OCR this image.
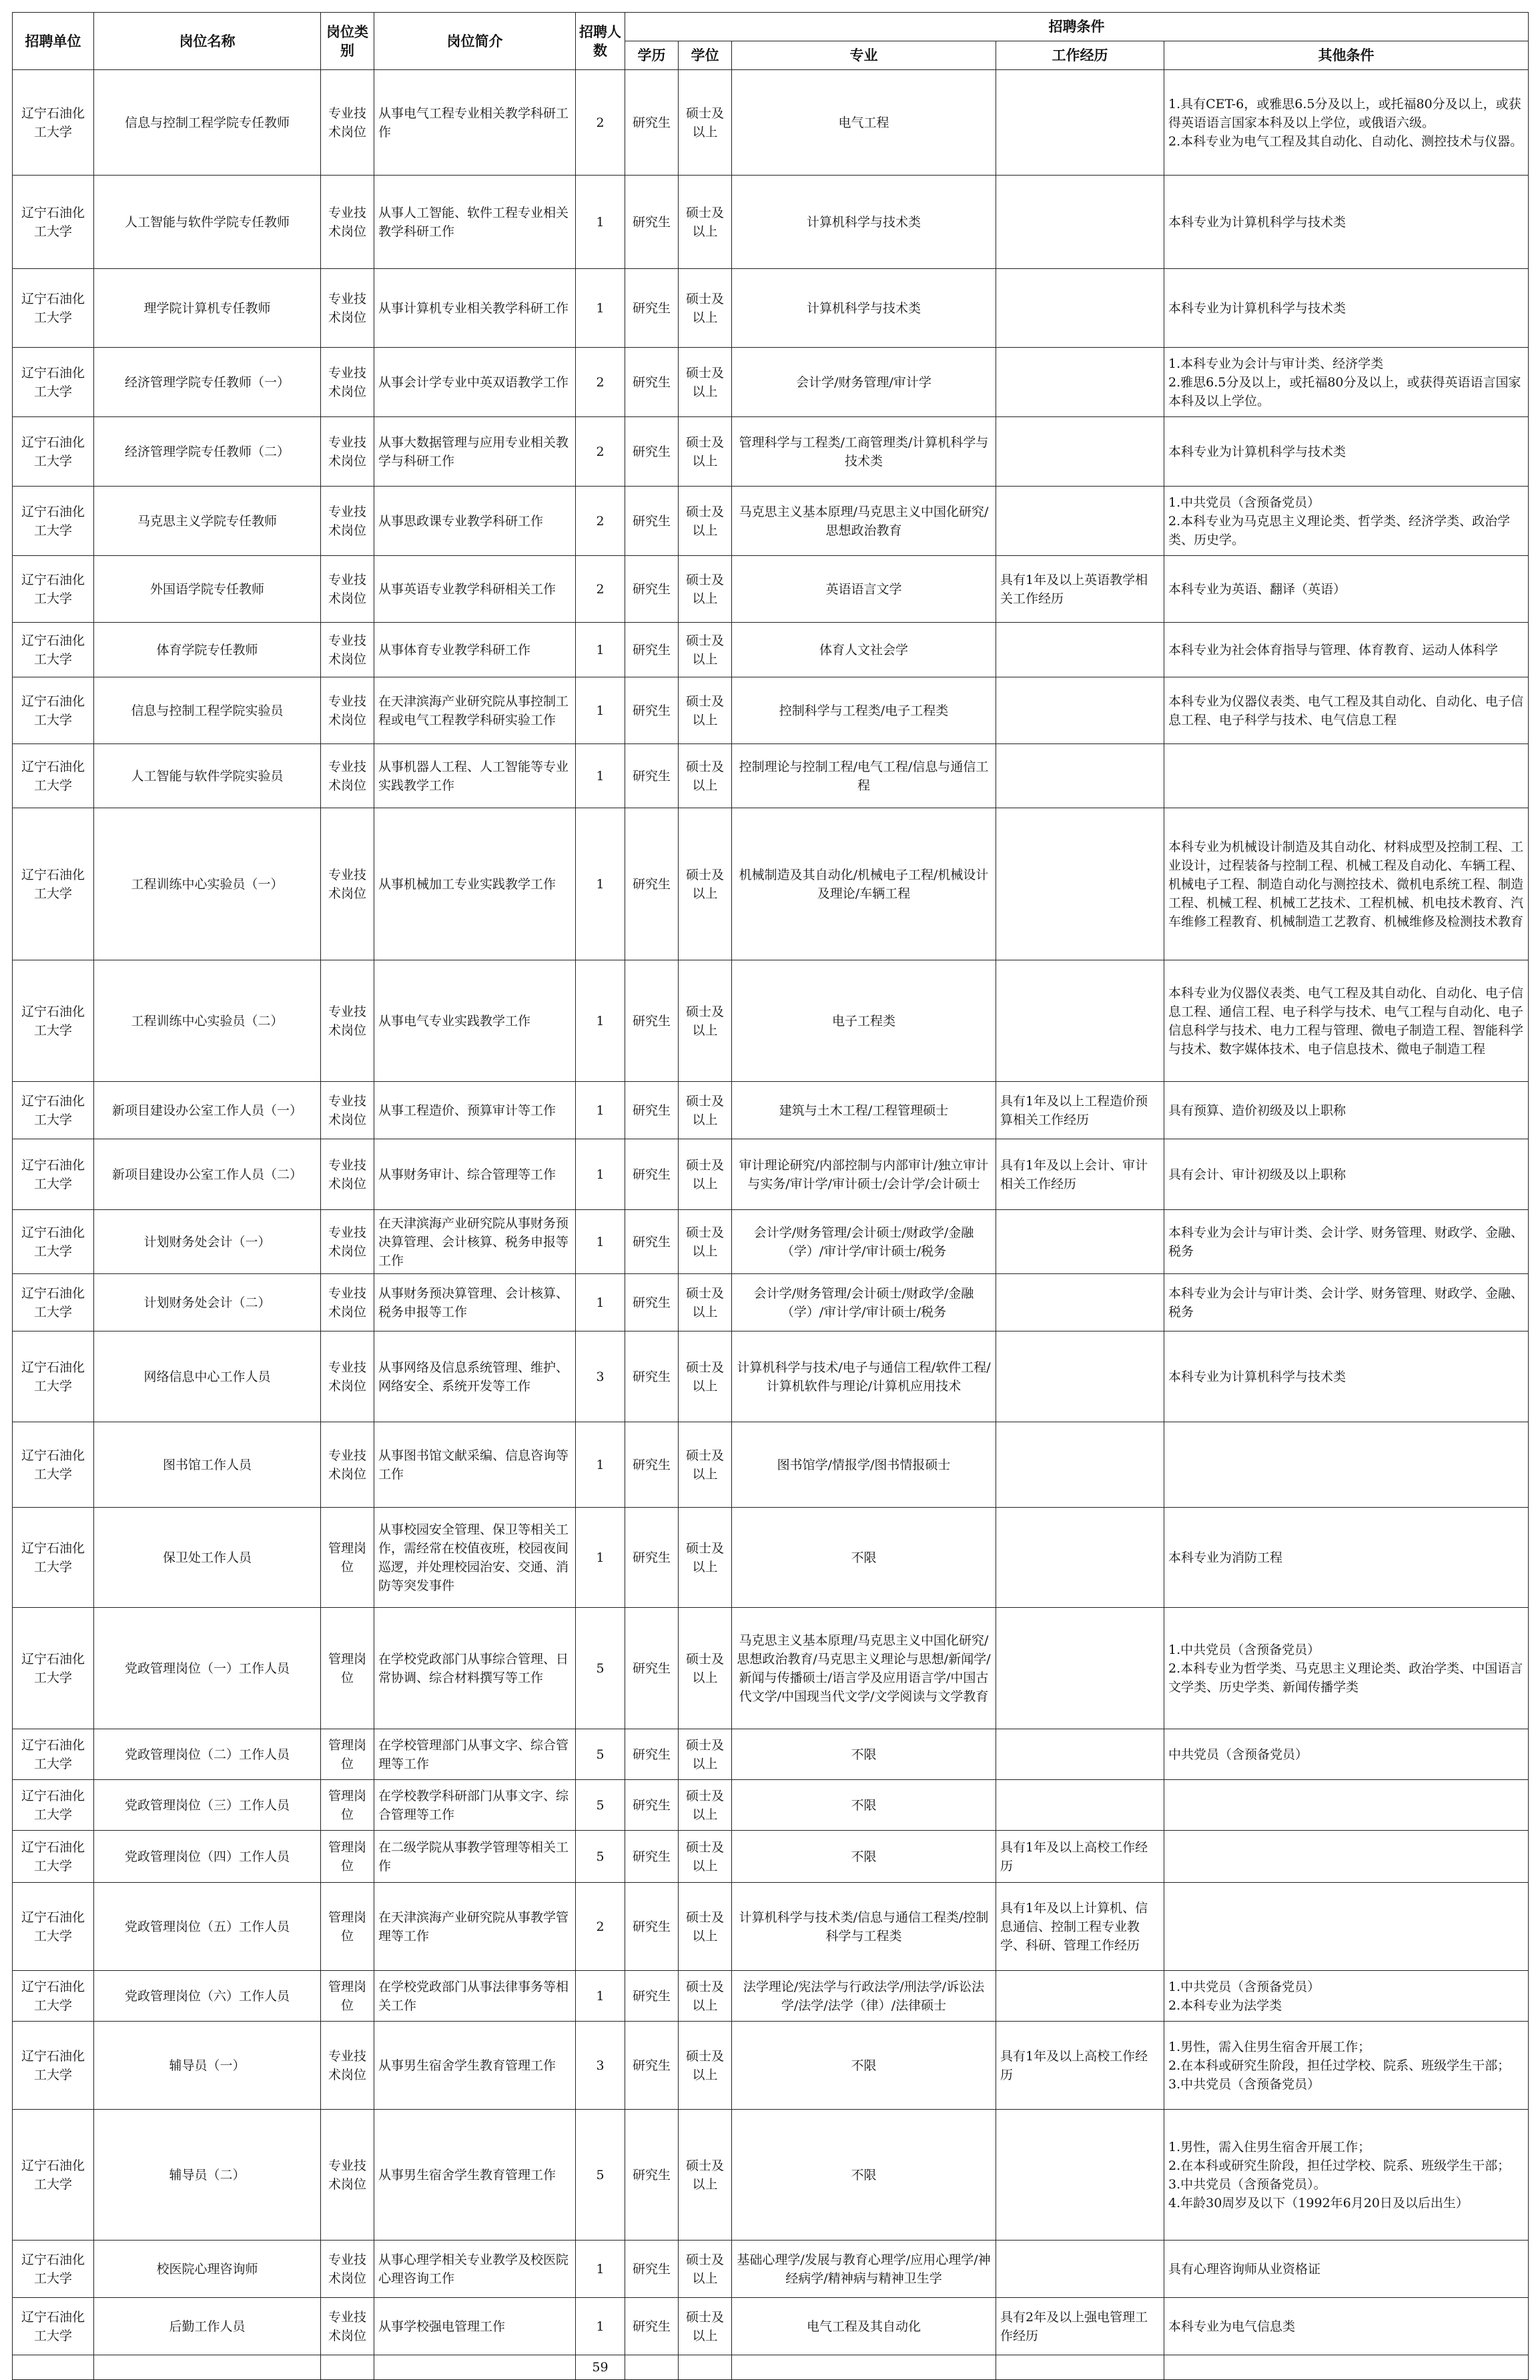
招聘单位	岗位名称	岗位类别	岗位简介	招聘人数	招聘条件				
					学历	学位	专业	工作经历	其他条件
辽宁石油化工大学	信息与控制工程学院专任教师	专业技术岗位	从事电气工程专业相关教学科研工作	2	研究生	硕士及以上	电气工程		1.具有CET-6，或雅思6.5分及以上，或托福80分及以上，或获得英语语言国家本科及以上学位，或俄语六级。
2.本科专业为电气工程及其自动化、自动化、测控技术与仪器。
辽宁石油化工大学	人工智能与软件学院专任教师	专业技术岗位	从事人工智能、软件工程专业相关教学科研工作	1	研究生	硕士及以上	计算机科学与技术类		本科专业为计算机科学与技术类
辽宁石油化工大学	理学院计算机专任教师	专业技术岗位	从事计算机专业相关教学科研工作	1	研究生	硕士及以上	计算机科学与技术类		本科专业为计算机科学与技术类
辽宁石油化工大学	经济管理学院专任教师（一）	专业技术岗位	从事会计学专业中英双语教学工作	2	研究生	硕士及以上	会计学/财务管理/审计学		1.本科专业为会计与审计类、经济学类
2.雅思6.5分及以上，或托福80分及以上，或获得英语语言国家本科及以上学位。
辽宁石油化工大学	经济管理学院专任教师（二）	专业技术岗位	从事大数据管理与应用专业相关教学与科研工作	2	研究生	硕士及以上	管理科学与工程类/工商管理类/计算机科学与技术类		本科专业为计算机科学与技术类
辽宁石油化工大学	马克思主义学院专任教师	专业技术岗位	从事思政课专业教学科研工作	2	研究生	硕士及以上	马克思主义基本原理/马克思主义中国化研究/思想政治教育		1.中共党员（含预备党员）
2.本科专业为马克思主义理论类、哲学类、经济学类、政治学类、历史学。
辽宁石油化工大学	外国语学院专任教师	专业技术岗位	从事英语专业教学科研相关工作	2	研究生	硕士及以上	英语语言文学	具有1年及以上英语教学相关工作经历	本科专业为英语、翻译（英语）
辽宁石油化工大学	体育学院专任教师	专业技术岗位	从事体育专业教学科研工作	1	研究生	硕士及以上	体育人文社会学		本科专业为社会体育指导与管理、体育教育、运动人体科学
辽宁石油化工大学	信息与控制工程学院实验员	专业技术岗位	在天津滨海产业研究院从事控制工程或电气工程教学科研实验工作	1	研究生	硕士及以上	控制科学与工程类/电子工程类		本科专业为仪器仪表类、电气工程及其自动化、自动化、电子信息工程、电子科学与技术、电气信息工程
辽宁石油化工大学	人工智能与软件学院实验员	专业技术岗位	从事机器人工程、人工智能等专业实践教学工作	1	研究生	硕士及以上	控制理论与控制工程/电气工程/信息与通信工程		
辽宁石油化工大学	工程训练中心实验员（一）	专业技术岗位	从事机械加工专业实践教学工作	1	研究生	硕士及以上	机械制造及其自动化/机械电子工程/机械设计及理论/车辆工程		本科专业为机械设计制造及其自动化、材料成型及控制工程、工业设计，过程装备与控制工程、机械工程及自动化、车辆工程、机械电子工程、制造自动化与测控技术、微机电系统工程、制造工程、机械工程、机械工艺技术、工程机械、机电技术教育、汽车维修工程教育、机械制造工艺教育、机械维修及检测技术教育
辽宁石油化工大学	工程训练中心实验员（二）	专业技术岗位	从事电气专业实践教学工作	1	研究生	硕士及以上	电子工程类		本科专业为仪器仪表类、电气工程及其自动化、自动化、电子信息工程、通信工程、电子科学与技术、电气工程与自动化、电子信息科学与技术、电力工程与管理、微电子制造工程、智能科学与技术、数字媒体技术、电子信息技术、微电子制造工程
辽宁石油化工大学	新项目建设办公室工作人员（一）	专业技术岗位	从事工程造价、预算审计等工作	1	研究生	硕士及以上	建筑与土木工程/工程管理硕士	具有1年及以上工程造价预算相关工作经历	具有预算、造价初级及以上职称
辽宁石油化工大学	新项目建设办公室工作人员（二）	专业技术岗位	从事财务审计、综合管理等工作	1	研究生	硕士及以上	审计理论研究/内部控制与内部审计/独立审计与实务/审计学/审计硕士/会计学/会计硕士	具有1年及以上会计、审计相关工作经历	具有会计、审计初级及以上职称
辽宁石油化工大学	计划财务处会计（一）	专业技术岗位	在天津滨海产业研究院从事财务预决算管理、会计核算、税务申报等工作	1	研究生	硕士及以上	会计学/财务管理/会计硕士/财政学/金融（学）/审计学/审计硕士/税务		本科专业为会计与审计类、会计学、财务管理、财政学、金融、税务
辽宁石油化工大学	计划财务处会计（二）	专业技术岗位	从事财务预决算管理、会计核算、税务申报等工作	1	研究生	硕士及以上	会计学/财务管理/会计硕士/财政学/金融（学）/审计学/审计硕士/税务		本科专业为会计与审计类、会计学、财务管理、财政学、金融、税务
辽宁石油化工大学	网络信息中心工作人员	专业技术岗位	从事网络及信息系统管理、维护、网络安全、系统开发等工作	3	研究生	硕士及以上	计算机科学与技术/电子与通信工程/软件工程/计算机软件与理论/计算机应用技术		本科专业为计算机科学与技术类
辽宁石油化工大学	图书馆工作人员	专业技术岗位	从事图书馆文献采编、信息咨询等工作	1	研究生	硕士及以上	图书馆学/情报学/图书情报硕士		
辽宁石油化工大学	保卫处工作人员	管理岗位	从事校园安全管理、保卫等相关工作，需经常在校值夜班，校园夜间巡逻，并处理校园治安、交通、消防等突发事件	1	研究生	硕士及以上	不限		本科专业为消防工程
辽宁石油化工大学	党政管理岗位（一）工作人员	管理岗位	在学校党政部门从事综合管理、日常协调、综合材料撰写等工作	5	研究生	硕士及以上	马克思主义基本原理/马克思主义中国化研究/思想政治教育/马克思主义理论与思想/新闻学/新闻与传播硕士/语言学及应用语言学/中国古代文学/中国现当代文学/文学阅读与文学教育		1.中共党员（含预备党员）
2.本科专业为哲学类、马克思主义理论类、政治学类、中国语言文学类、历史学类、新闻传播学类
辽宁石油化工大学	党政管理岗位（二）工作人员	管理岗位	在学校管理部门从事文字、综合管理等工作	5	研究生	硕士及以上	不限		中共党员（含预备党员）
辽宁石油化工大学	党政管理岗位（三）工作人员	管理岗位	在学校教学科研部门从事文字、综合管理等工作	5	研究生	硕士及以上	不限		
辽宁石油化工大学	党政管理岗位（四）工作人员	管理岗位	在二级学院从事教学管理等相关工作	5	研究生	硕士及以上	不限	具有1年及以上高校工作经历	
辽宁石油化工大学	党政管理岗位（五）工作人员	管理岗位	在天津滨海产业研究院从事教学管理等工作	2	研究生	硕士及以上	计算机科学与技术类/信息与通信工程类/控制科学与工程类	具有1年及以上计算机、信息通信、控制工程专业教学、科研、管理工作经历	
辽宁石油化工大学	党政管理岗位（六）工作人员	管理岗位	在学校党政部门从事法律事务等相关工作	1	研究生	硕士及以上	法学理论/宪法学与行政法学/刑法学/诉讼法学/法学/法学（律）/法律硕士		1.中共党员（含预备党员）
2.本科专业为法学类
辽宁石油化工大学	辅导员（一）	专业技术岗位	从事男生宿舍学生教育管理工作	3	研究生	硕士及以上	不限	具有1年及以上高校工作经历	1.男性，需入住男生宿舍开展工作；
2.在本科或研究生阶段，担任过学校、院系、班级学生干部；
3.中共党员（含预备党员）
辽宁石油化工大学	辅导员（二）	专业技术岗位	从事男生宿舍学生教育管理工作	5	研究生	硕士及以上	不限		1.男性，需入住男生宿舍开展工作；
2.在本科或研究生阶段，担任过学校、院系、班级学生干部；
3.中共党员（含预备党员）。
4.年龄30周岁及以下（1992年6月20日及以后出生）
辽宁石油化工大学	校医院心理咨询师	专业技术岗位	从事心理学相关专业教学及校医院心理咨询工作	1	研究生	硕士及以上	基础心理学/发展与教育心理学/应用心理学/神经病学/精神病与精神卫生学		具有心理咨询师从业资格证
辽宁石油化工大学	后勤工作人员	专业技术岗位	从事学校强电管理工作	1	研究生	硕士及以上	电气工程及其自动化	具有2年及以上强电管理工作经历	本科专业为电气信息类
				59					
